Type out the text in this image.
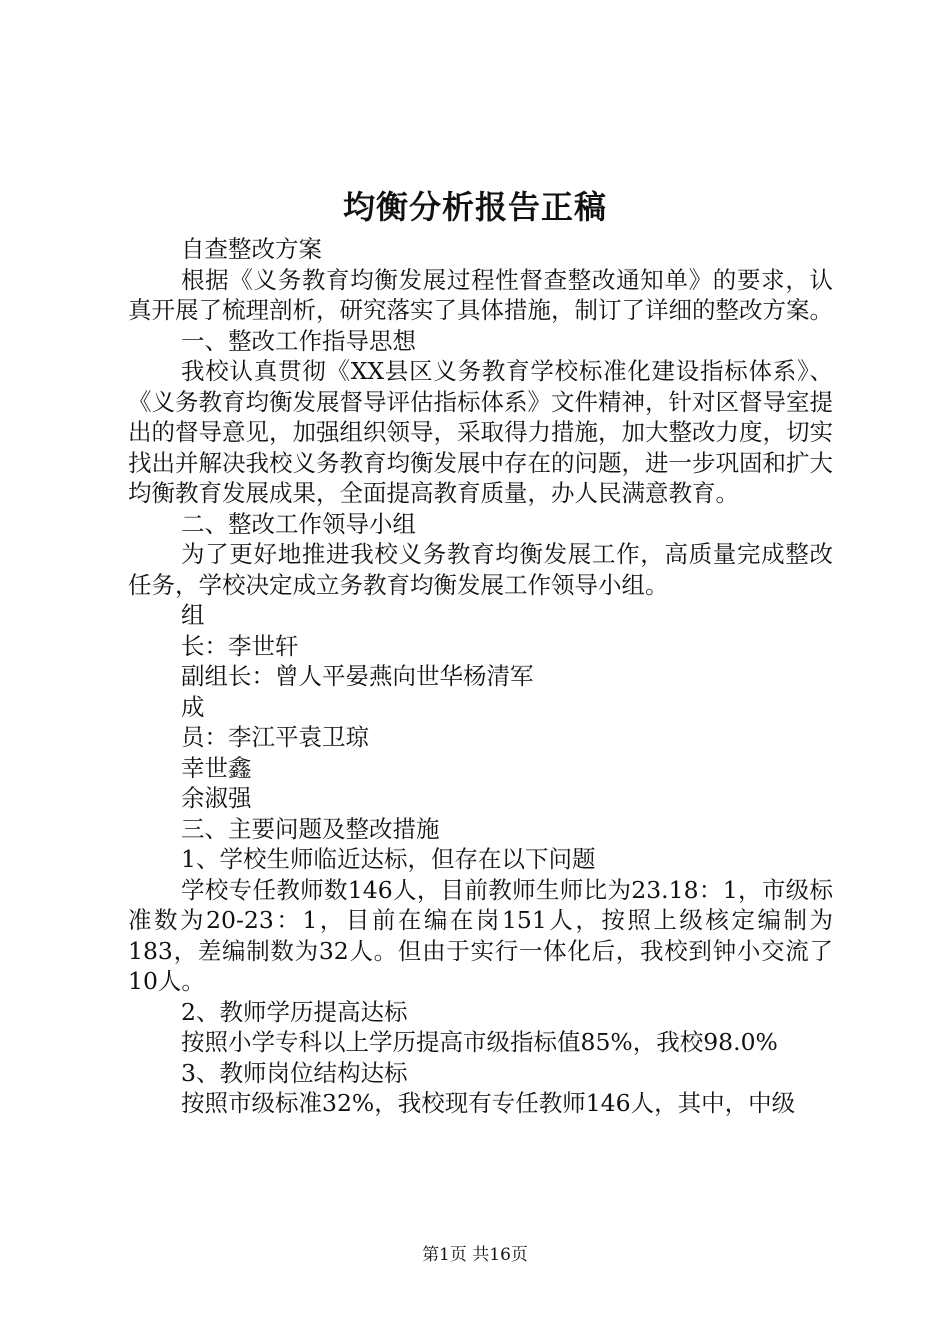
均衡分析报告正稿

自查整改方案

根据《义务教育均衡发展过程性督查整改通知单》的要求，认真开展了梳理剖析，研究落实了具体措施，制订了详细的整改方案。

一、整改工作指导思想

我校认真贯彻《XX县区义务教育学校标准化建设指标体系》、《义务教育均衡发展督导评估指标体系》文件精神，针对区督导室提出的督导意见，加强组织领导，采取得力措施，加大整改力度，切实找出并解决我校义务教育均衡发展中存在的问题，进一步巩固和扩大均衡教育发展成果，全面提高教育质量，办人民满意教育。

二、整改工作领导小组

为了更好地推进我校义务教育均衡发展工作，高质量完成整改任务，学校决定成立务教育均衡发展工作领导小组。

组

长：李世轩

副组长：曾人平晏燕向世华杨清军

成

员：李江平袁卫琼

幸世鑫

余淑强

三、主要问题及整改措施

1、学校生师临近达标，但存在以下问题

学校专任教师数146人，目前教师生师比为23.18：1，市级标准数为20-23：1，目前在编在岗151人，按照上级核定编制为183，差编制数为32人。但由于实行一体化后，我校到钟小交流了10人。

2、教师学历提高达标

按照小学专科以上学历提高市级指标值85%，我校98.0%

3、教师岗位结构达标

按照市级标准32%，我校现有专任教师146人，其中，中级

第1页 共16页
